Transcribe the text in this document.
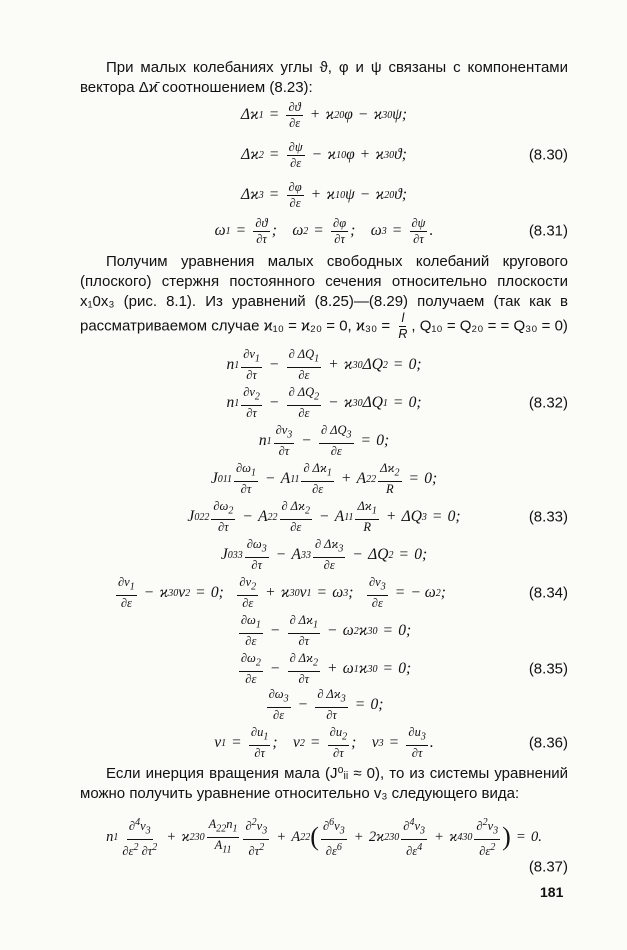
При малых колебаниях углы ϑ, φ и ψ связаны с компонентами вектора Δϰ̄ соотношением (8.23):
Δϰ $1 = \frac{\partial ϑ}{\partial\varepsilon} + ϰ$ 20 φ − ϰ 30 ψ;
Δϰ $2 = \frac{\partial\psi}{\partial\varepsilon} - ϰ$ 10 φ + ϰ 30 ϑ;	(8.30)
Δϰ $3 = \frac{\partial\varphi}{\partial\varepsilon} + ϰ$ 10 ψ − ϰ 20 ϑ;
ω $1 = \frac{\partial ϑ}{\partial\tau}$ ;    ω $2 = \frac{\partial\varphi}{\partial\tau}$ ;    ω $3 = \frac{\partial\psi}{\partial\tau}$ .	(8.31)
Получим уравнения малых свободных колебаний кругового (плоского) стержня постоянного сечения относительно плоскости x₁0x₃ (рис. 8.1). Из уравнений (8.25)—(8.29) получаем (так как в рассматриваемом случае ϰ₁₀ = ϰ₂₀ = 0, $ϰ_{30} = \frac{l}{R}$ , Q₁₀ = Q₂₀ = = Q₃₀ = 0)
n $1 \frac{\partial v_1}{\partial\tau} - \frac{\partial \Delta Q_1}{\partial\varepsilon} + ϰ$ 30 ΔQ 2 = 0;
n $1 \frac{\partial v_2}{\partial\tau} - \frac{\partial \Delta Q_2}{\partial\varepsilon} - ϰ$ 30 ΔQ 1 = 0;	(8.32)
n $1 \frac{\partial v_3}{\partial\tau} - \frac{\partial \Delta Q_3}{\partial\varepsilon} = 0$;
J 0 $11 \frac{\partial\omega_1}{\partial\tau} - A$ $11 \frac{\partial \Delta ϰ_1}{\partial\varepsilon} + A$ $22 \frac{\Delta ϰ_2}{R} = 0$;
J 0 $22 \frac{\partial\omega_2}{\partial\tau} - A$ $22 \frac{\partial \Delta ϰ_2}{\partial\varepsilon} - A$ $11 \frac{\Delta ϰ_1}{R} + \Delta Q$ 3 = 0;	(8.33)
J 0 $33 \frac{\partial\omega_3}{\partial\tau} - A$ $33 \frac{\partial \Delta ϰ_3}{\partial\varepsilon} - \Delta Q$ 2 = 0;
$\frac{\partial v_1}{\partial\varepsilon} - ϰ$ 30 v 2 = 0; $\frac{\partial v_2}{\partial\varepsilon} + ϰ$ 30 v 1 = ω 3 ; $\frac{\partial v_3}{\partial\varepsilon}$ = − ω 2 ;	(8.34)
$\frac{\partial\omega_1}{\partial\varepsilon} - \frac{\partial \Delta ϰ_1}{\partial\tau} - \omega$ 2 ϰ 30 = 0;
$\frac{\partial\omega_2}{\partial\varepsilon} - \frac{\partial \Delta ϰ_2}{\partial\tau} + \omega$ 1 ϰ 30 = 0;	(8.35)
$\frac{\partial\omega_3}{\partial\varepsilon} - \frac{\partial \Delta ϰ_3}{\partial\tau} = 0$;
v $1 = \frac{\partial u_1}{\partial\tau}$ ;    v $2 = \frac{\partial u_2}{\partial\tau}$ ;    v $3 = \frac{\partial u_3}{\partial\tau}$ .	(8.36)
Если инерция вращения мала (J⁰ᵢᵢ ≈ 0), то из системы уравнений можно получить уравнение относительно v₃ следующего вида:
n $1 \frac{\partial^4v_3}{\partial\varepsilon^2 \partial\tau^2} + ϰ$ 2 $30 \frac{A_{22}n_1}{A_{11}} \frac{\partial^2v_3}{\partial\tau^2} + A$ 22 ( $\frac{\partial^6v_3}{\partial\varepsilon^6} + 2ϰ$ 2 $30 \frac{\partial^4v_3}{\partial\varepsilon^4} + ϰ$ 4 $30 \frac{\partial^2v_3}{\partial\varepsilon^2}$ ) = 0.
(8.37)
181
